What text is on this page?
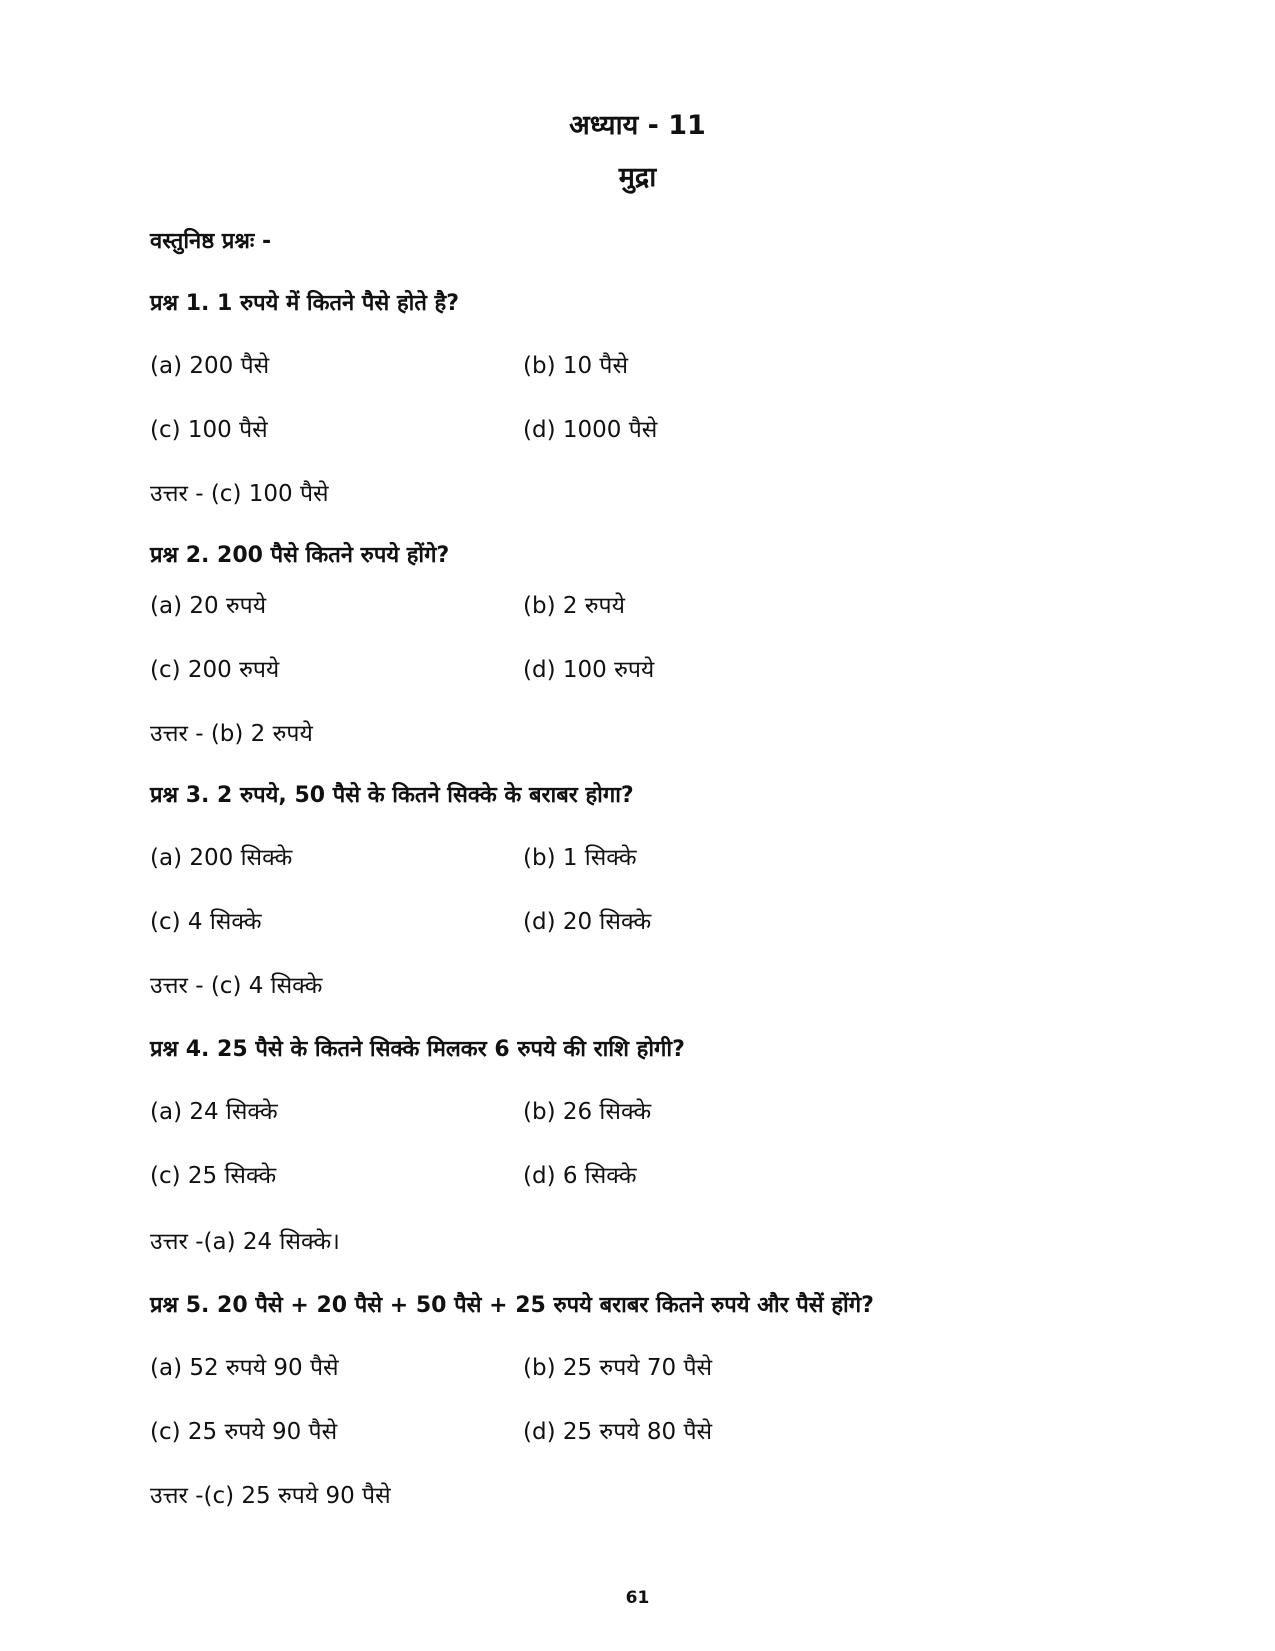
अध्याय - 11
मुद्रा
वस्तुनिष्ठ प्रश्नः -
प्रश्न 1. 1 रुपये में कितने पैसे होते है?
(a) 200 पैसे	(b) 10 पैसे
(c) 100 पैसे	(d) 1000 पैसे
उत्तर - (c) 100 पैसे
प्रश्न 2. 200 पैसे कितने रुपये होंगे?
(a) 20 रुपये	(b) 2 रुपये
(c) 200 रुपये	(d) 100 रुपये
उत्तर - (b) 2 रुपये
प्रश्न 3. 2 रुपये, 50 पैसे के कितने सिक्के के बराबर होगा?
(a) 200 सिक्के	(b) 1 सिक्के
(c) 4 सिक्के	(d) 20 सिक्के
उत्तर - (c) 4 सिक्के
प्रश्न 4. 25 पैसे के कितने सिक्के मिलकर 6 रुपये की राशि होगी?
(a) 24 सिक्के	(b) 26 सिक्के
(c) 25 सिक्के	(d) 6 सिक्के
उत्तर -(a) 24 सिक्के।
प्रश्न 5. 20 पैसे + 20 पैसे + 50 पैसे + 25 रुपये बराबर कितने रुपये और पैसें होंगे?
(a) 52 रुपये 90 पैसे	(b) 25 रुपये 70 पैसे
(c) 25 रुपये 90 पैसे	(d) 25 रुपये 80 पैसे
उत्तर -(c) 25 रुपये 90 पैसे
61
